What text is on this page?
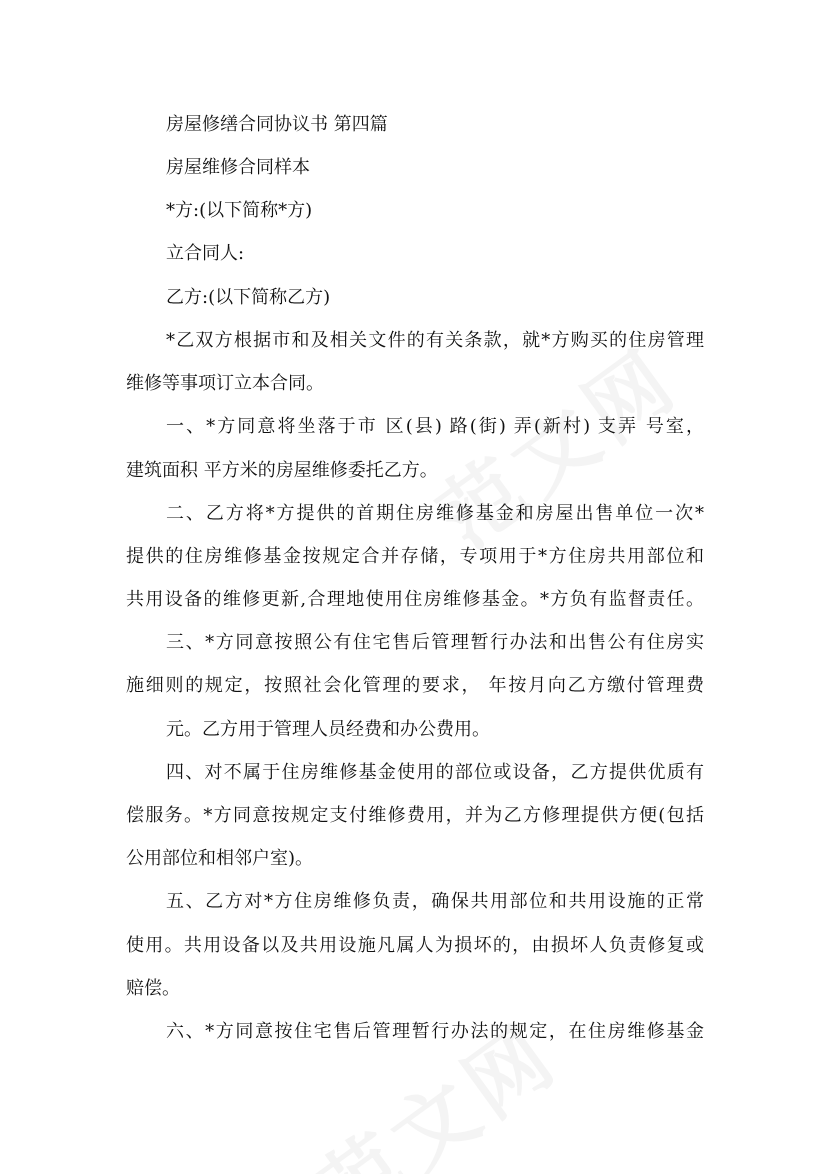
房屋修缮合同协议书 第四篇
房屋维修合同样本
*方:(以下简称*方)
立合同人:
乙方:(以下简称乙方)
*乙双方根据市和及相关文件的有关条款，就*方购买的住房管理
维修等事项订立本合同。
一、*方同意将坐落于市 区(县) 路(街) 弄(新村) 支弄 号室，
建筑面积 平方米的房屋维修委托乙方。
二、乙方将*方提供的首期住房维修基金和房屋出售单位一次*
提供的住房维修基金按规定合并存储，专项用于*方住房共用部位和
共用设备的维修更新,合理地使用住房维修基金。*方负有监督责任。
三、*方同意按照公有住宅售后管理暂行办法和出售公有住房实
施细则的规定，按照社会化管理的要求， 年按月向乙方缴付管理费
元。乙方用于管理人员经费和办公费用。
四、对不属于住房维修基金使用的部位或设备，乙方提供优质有
偿服务。*方同意按规定支付维修费用，并为乙方修理提供方便(包括
公用部位和相邻户室)。
五、乙方对*方住房维修负责，确保共用部位和共用设施的正常
使用。共用设备以及共用设施凡属人为损坏的，由损坏人负责修复或
赔偿。
六、*方同意按住宅售后管理暂行办法的规定，在住房维修基金
